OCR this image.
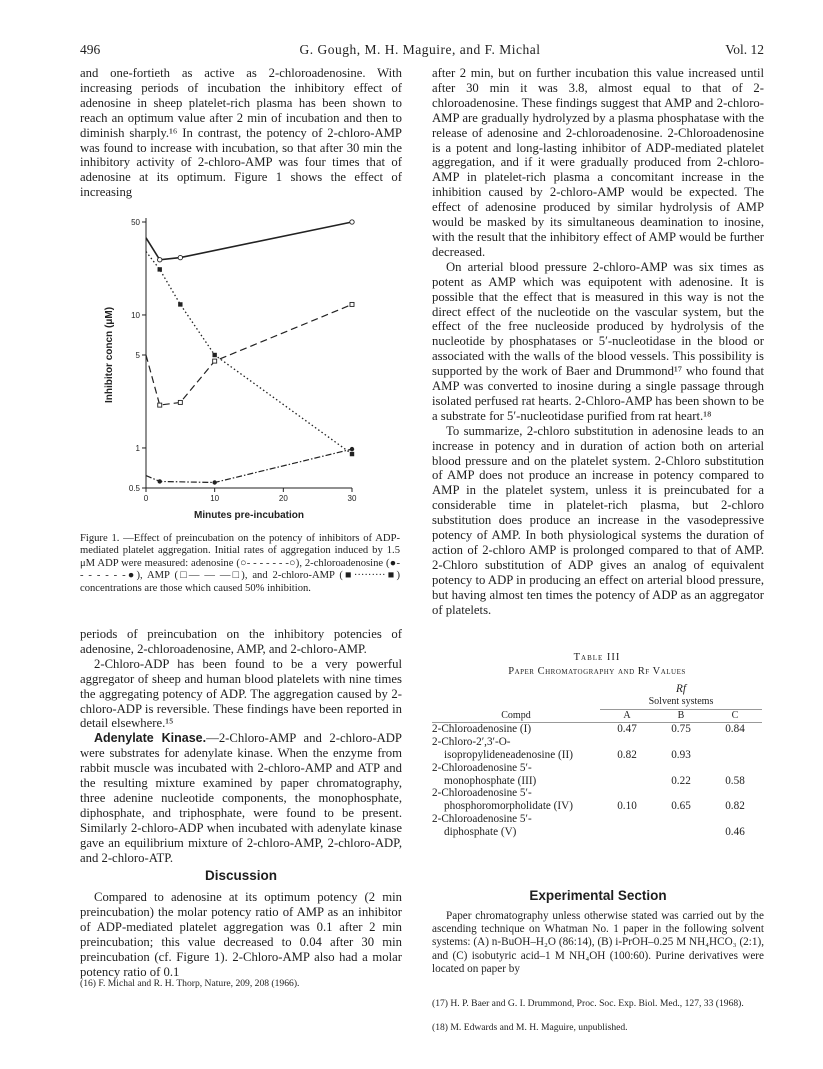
496	G. Gough, M. H. Maguire, and F. Michal	Vol. 12

and one-fortieth as active as 2-chloroadenosine. With increasing periods of incubation the inhibitory effect of adenosine in sheep platelet-rich plasma has been shown to reach an optimum value after 2 min of incubation and then to diminish sharply.¹⁶ In contrast, the potency of 2-chloro-AMP was found to increase with incubation, so that after 30 min the inhibitory activity of 2-chloro-AMP was four times that of adenosine at its optimum. Figure 1 shows the effect of increasing

0.5
1
5
10
50
0	10	20	30
Minutes pre-incubation
Inhibitor concn (μM)
Figure 1. —Effect of preincubation on the potency of inhibitors of ADP-mediated platelet aggregation. Initial rates of aggregation induced by 1.5 μM ADP were measured: adenosine (○- - - - - - -○), 2-chloroadenosine (●- - - - - - -●), AMP (□— — —□), and 2-chloro-AMP (■·········■) concentrations are those which caused 50% inhibition.

periods of preincubation on the inhibitory potencies of adenosine, 2-chloroadenosine, AMP, and 2-chloro-AMP.

2-Chloro-ADP has been found to be a very powerful aggregator of sheep and human blood platelets with nine times the aggregating potency of ADP. The aggregation caused by 2-chloro-ADP is reversible. These findings have been reported in detail elsewhere.¹⁵

Adenylate Kinase.—2-Chloro-AMP and 2-chloro-ADP were substrates for adenylate kinase. When the enzyme from rabbit muscle was incubated with 2-chloro-AMP and ATP and the resulting mixture examined by paper chromatography, three adenine nucleotide components, the monophosphate, diphosphate, and triphosphate, were found to be present. Similarly 2-chloro-ADP when incubated with adenylate kinase gave an equilibrium mixture of 2-chloro-AMP, 2-chloro-ADP, and 2-chloro-ATP.

Discussion

Compared to adenosine at its optimum potency (2 min preincubation) the molar potency ratio of AMP as an inhibitor of ADP-mediated platelet aggregation was 0.1 after 2 min preincubation; this value decreased to 0.04 after 30 min preincubation (cf. Figure 1). 2-Chloro-AMP also had a molar potency ratio of 0.1

(16) F. Michal and R. H. Thorp, Nature, 209, 208 (1966).

after 2 min, but on further incubation this value increased until after 30 min it was 3.8, almost equal to that of 2-chloroadenosine. These findings suggest that AMP and 2-chloro-AMP are gradually hydrolyzed by a plasma phosphatase with the release of adenosine and 2-chloroadenosine. 2-Chloroadenosine is a potent and long-lasting inhibitor of ADP-mediated platelet aggregation, and if it were gradually produced from 2-chloro-AMP in platelet-rich plasma a concomitant increase in the inhibition caused by 2-chloro-AMP would be expected. The effect of adenosine produced by similar hydrolysis of AMP would be masked by its simultaneous deamination to inosine, with the result that the inhibitory effect of AMP would be further decreased.

On arterial blood pressure 2-chloro-AMP was six times as potent as AMP which was equipotent with adenosine. It is possible that the effect that is measured in this way is not the direct effect of the nucleotide on the vascular system, but the effect of the free nucleoside produced by hydrolysis of the nucleotide by phosphatases or 5′-nucleotidase in the blood or associated with the walls of the blood vessels. This possibility is supported by the work of Baer and Drummond¹⁷ who found that AMP was converted to inosine during a single passage through isolated perfused rat hearts. 2-Chloro-AMP has been shown to be a substrate for 5′-nucleotidase purified from rat heart.¹⁸

To summarize, 2-chloro substitution in adenosine leads to an increase in potency and in duration of action both on arterial blood pressure and on the platelet system. 2-Chloro substitution of AMP does not produce an increase in potency compared to AMP in the platelet system, unless it is preincubated for a considerable time in platelet-rich plasma, but 2-chloro substitution does produce an increase in the vasodepressive potency of AMP. In both physiological systems the duration of action of 2-chloro AMP is prolonged compared to that of AMP. 2-Chloro substitution of ADP gives an analog of equivalent potency to ADP in producing an effect on arterial blood pressure, but having almost ten times the potency of ADP as an aggregator of platelets.

Table III
Paper Chromatography and Rf Values
	Rf		
	Solvent systems		
Compd	A	B	C
2-Chloroadenosine (I)	0.47	0.75	0.84
2-Chloro-2′,3′-O-			
isopropylideneadenosine (II)	0.82	0.93	
2-Chloroadenosine 5′-			
monophosphate (III)		0.22	0.58
2-Chloroadenosine 5′-			
phosphoromorpholidate (IV)	0.10	0.65	0.82
2-Chloroadenosine 5′-			
diphosphate (V)			0.46
Experimental Section

Paper chromatography unless otherwise stated was carried out by the ascending technique on Whatman No. 1 paper in the following solvent systems: (A) n-BuOH–H₂O (86:14), (B) i-PrOH–0.25 M NH₄HCO₃ (2:1), and (C) isobutyric acid–1 M NH₄OH (100:60). Purine derivatives were located on paper by

(17) H. P. Baer and G. I. Drummond, Proc. Soc. Exp. Biol. Med., 127, 33 (1968).
(18) M. Edwards and M. H. Maguire, unpublished.
